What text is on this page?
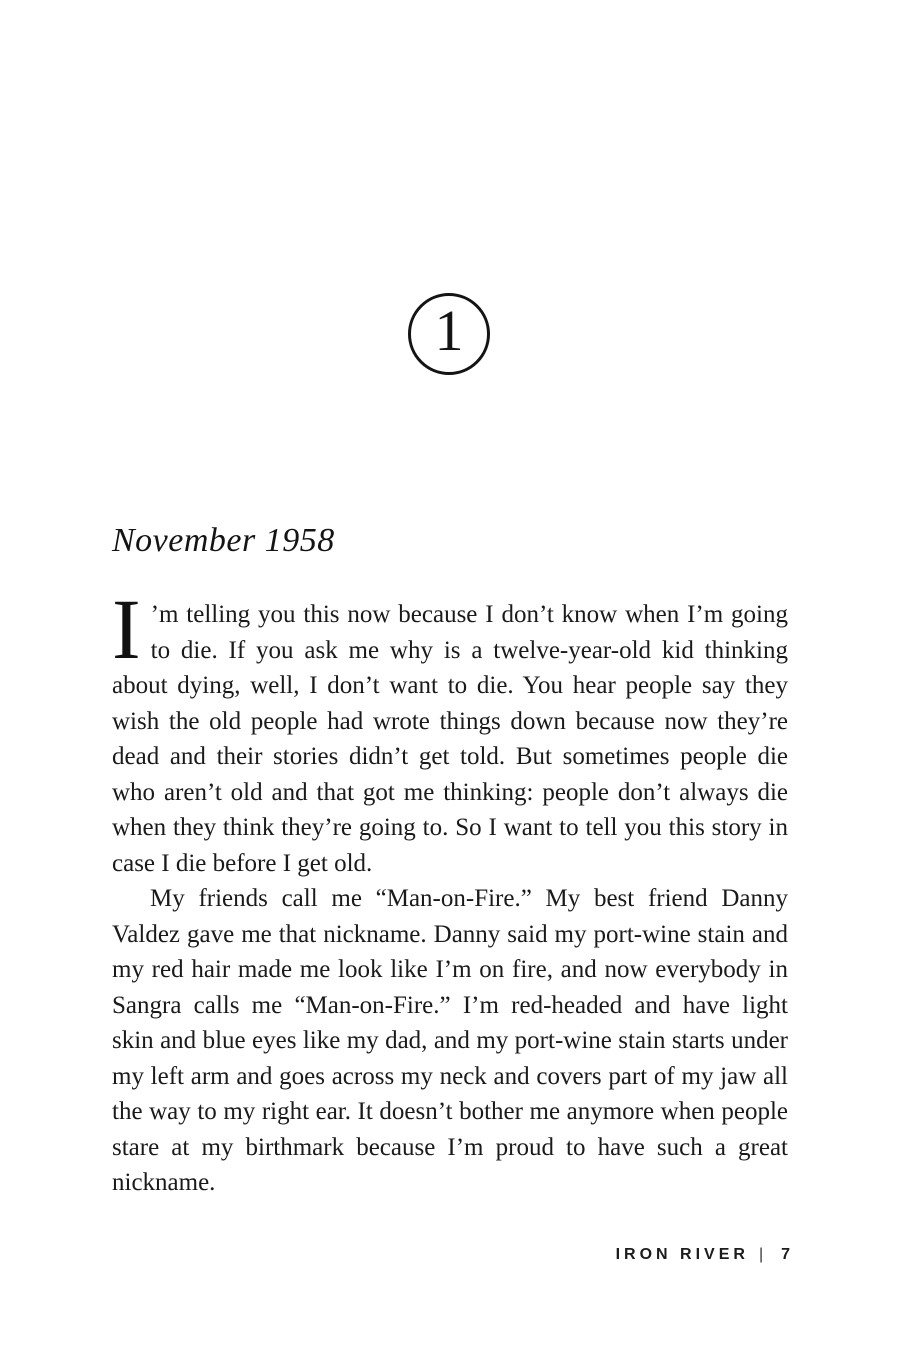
1
November 1958

I ’m telling you this now because I don’t know when I’m going to die. If you ask me why is a twelve-year-old kid thinking about dying, well, I don’t want to die. You hear people say they wish the old people had wrote things down because now they’re dead and their stories didn’t get told. But sometimes people die who aren’t old and that got me thinking: people don’t always die when they think they’re going to. So I want to tell you this story in case I die before I get old.

My friends call me “Man-on-Fire.” My best friend Danny Valdez gave me that nickname. Danny said my port-wine stain and my red hair made me look like I’m on fire, and now everybody in Sangra calls me “Man-on-Fire.” I’m red-headed and have light skin and blue eyes like my dad, and my port-wine stain starts under my left arm and goes across my neck and covers part of my jaw all the way to my right ear. It doesn’t bother me anymore when people stare at my birthmark because I’m proud to have such a great nickname.

IRON RIVER | 7
